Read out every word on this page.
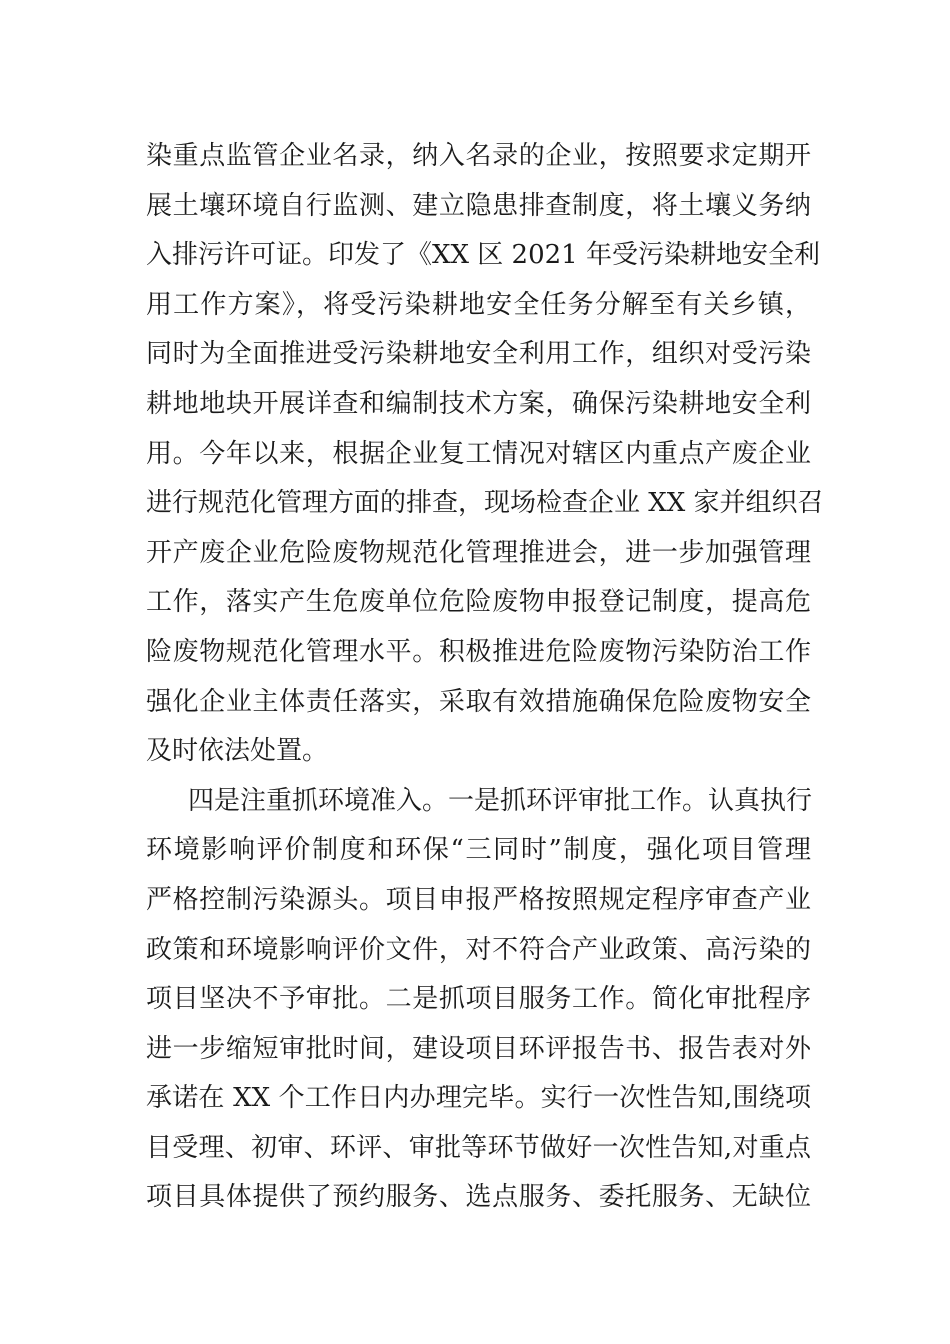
染重点监管企业名录，纳入名录的企业，按照要求定期开
展土壤环境自行监测、建立隐患排查制度，将土壤义务纳
入排污许可证。印发了《XX 区 2021 年受污染耕地安全利
用工作方案》，将受污染耕地安全任务分解至有关乡镇，
同时为全面推进受污染耕地安全利用工作，组织对受污染
耕地地块开展详查和编制技术方案，确保污染耕地安全利
用。今年以来，根据企业复工情况对辖区内重点产废企业
进行规范化管理方面的排查，现场检查企业 XX 家并组织召
开产废企业危险废物规范化管理推进会，进一步加强管理
工作，落实产生危废单位危险废物申报登记制度，提高危
险废物规范化管理水平。积极推进危险废物污染防治工作
强化企业主体责任落实，采取有效措施确保危险废物安全
及时依法处置。
四是注重抓环境准入。一是抓环评审批工作。认真执行
环境影响评价制度和环保“三同时”制度，强化项目管理
严格控制污染源头。项目申报严格按照规定程序审查产业
政策和环境影响评价文件，对不符合产业政策、高污染的
项目坚决不予审批。二是抓项目服务工作。简化审批程序
进一步缩短审批时间，建设项目环评报告书、报告表对外
承诺在 XX 个工作日内办理完毕。实行一次性告知,围绕项
目受理、初审、环评、审批等环节做好一次性告知,对重点
项目具体提供了预约服务、选点服务、委托服务、无缺位
